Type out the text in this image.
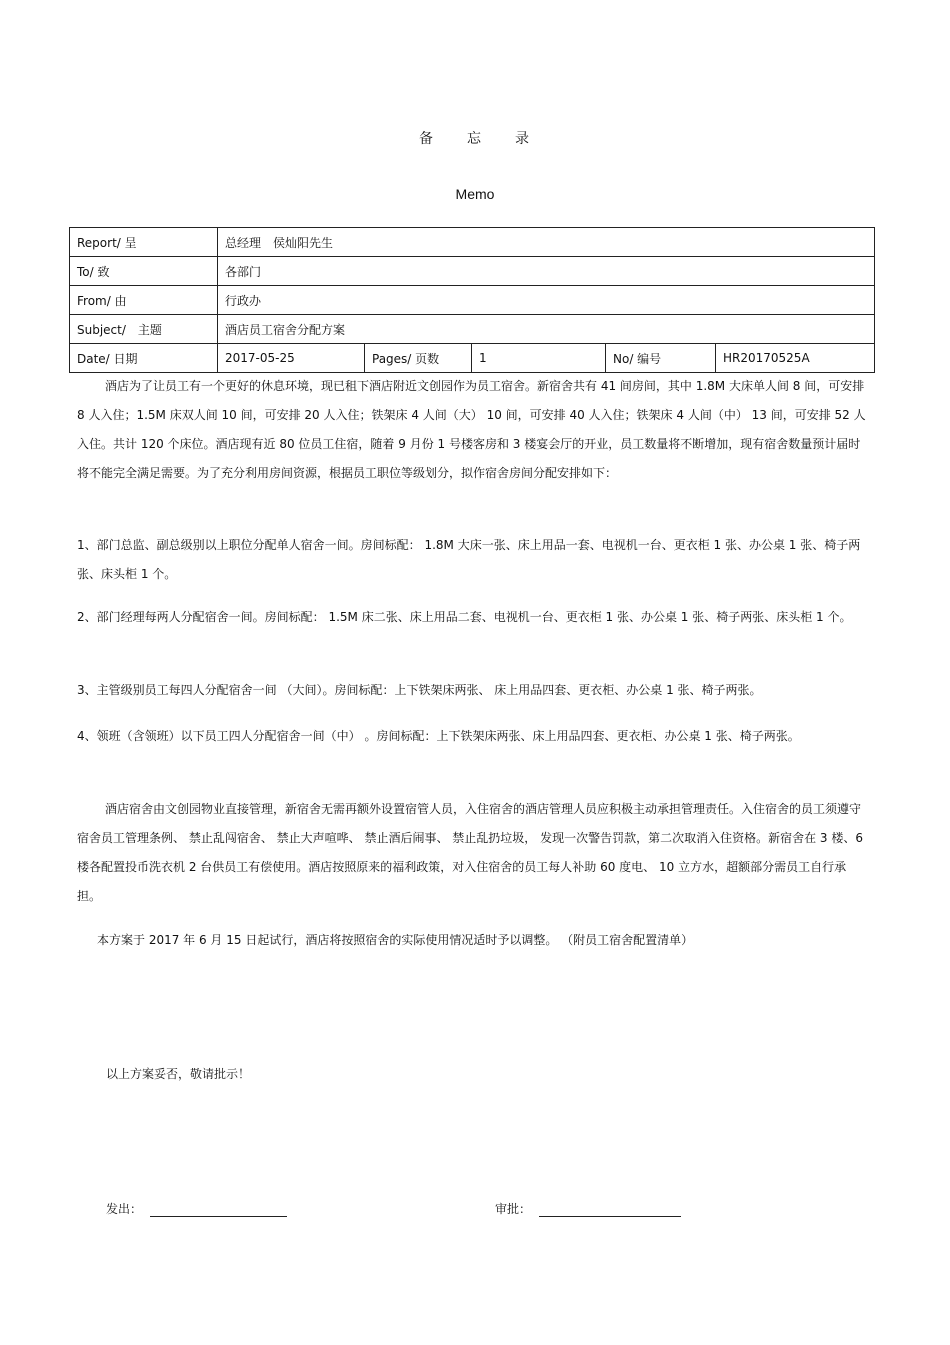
备 忘 录
Memo
Report/ 呈	总经理　侯灿阳先生				
To/ 致	各部门				
From/ 由	行政办				
Subject/　主题	酒店员工宿舍分配方案				
Date/ 日期	2017-05-25	Pages/ 页数	1	No/ 编号	HR20170525A
酒店为了让员工有一个更好的休息环境，现已租下酒店附近文创园作为员工宿舍。新宿舍共有 41 间房间，其中 1.8M 大床单人间 8 间，可安排 8 人入住；1.5M 床双人间 10 间，可安排 20 人入住；铁架床 4 人间（大） 10 间，可安排 40 人入住；铁架床 4 人间（中） 13 间，可安排 52 人入住。共计 120 个床位。酒店现有近 80 位员工住宿，随着 9 月份 1 号楼客房和 3 楼宴会厅的开业，员工数量将不断增加，现有宿舍数量预计届时将不能完全满足需要。为了充分利用房间资源，根据员工职位等级划分，拟作宿舍房间分配安排如下：
1、部门总监、副总级别以上职位分配单人宿舍一间。房间标配： 1.8M 大床一张、床上用品一套、电视机一台、更衣柜 1 张、办公桌 1 张、椅子两张、床头柜 1 个。
2、部门经理每两人分配宿舍一间。房间标配： 1.5M 床二张、床上用品二套、电视机一台、更衣柜 1 张、办公桌 1 张、椅子两张、床头柜 1 个。
3、主管级别员工每四人分配宿舍一间 （大间）。房间标配：上下铁架床两张、 床上用品四套、更衣柜、办公桌 1 张、椅子两张。
4、领班（含领班）以下员工四人分配宿舍一间（中） 。房间标配：上下铁架床两张、床上用品四套、更衣柜、办公桌 1 张、椅子两张。
酒店宿舍由文创园物业直接管理，新宿舍无需再额外设置宿管人员，入住宿舍的酒店管理人员应积极主动承担管理责任。入住宿舍的员工须遵守宿舍员工管理条例、 禁止乱闯宿舍、 禁止大声喧哗、 禁止酒后闹事、 禁止乱扔垃圾， 发现一次警告罚款，第二次取消入住资格。新宿舍在 3 楼、6 楼各配置投币洗衣机 2 台供员工有偿使用。酒店按照原来的福利政策，对入住宿舍的员工每人补助 60 度电、 10 立方水，超额部分需员工自行承担。
本方案于 2017 年 6 月 15 日起试行，酒店将按照宿舍的实际使用情况适时予以调整。 （附员工宿舍配置清单）
以上方案妥否，敬请批示！
发出：	审批：
